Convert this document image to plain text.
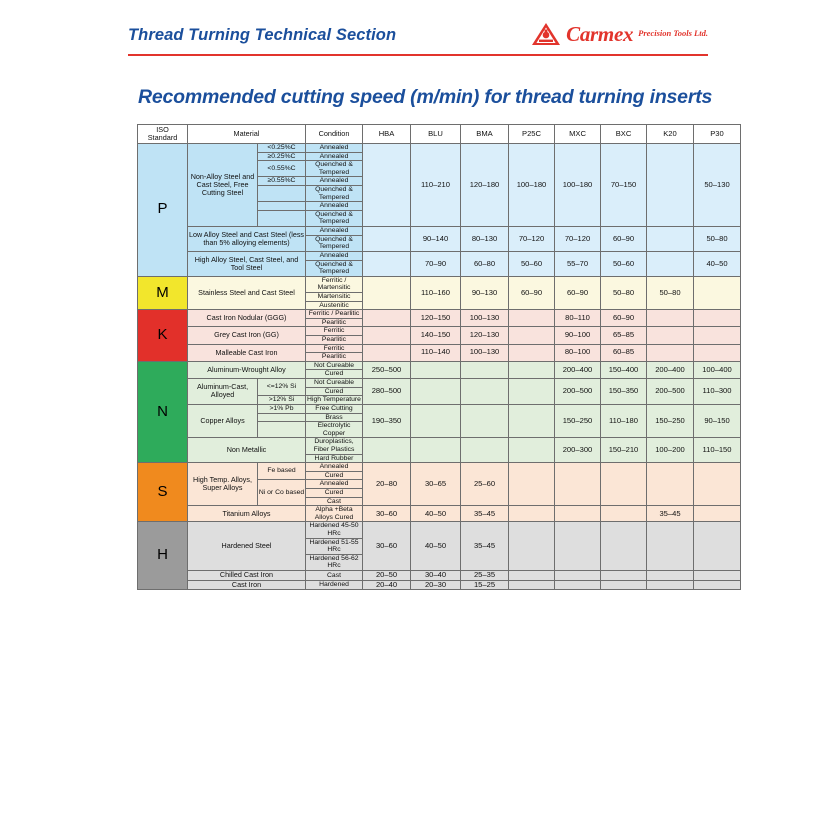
Thread Turning Technical Section	Carmex Precision Tools Ltd.
Recommended cutting speed (m/min) for thread turning inserts
ISO
Standard	Material		Condition	HBA	BLU	BMA	P25C	MXC	BXC	K20	P30
P	Non-Alloy Steel and Cast Steel, Free Cutting Steel	<0.25%C	Annealed		110–210	120–180	100–180	100–180	70–150		50–130
		≥0.25%C	Annealed								
		<0.55%C	Quenched & Tempered								
		≥0.55%C	Annealed								
			Quenched & Tempered								
			Annealed								
			Quenched & Tempered								
	Low Alloy Steel and Cast Steel (less than 5% alloying elements)		Annealed		90–140	80–130	70–120	70–120	60–90		50–80
			Quenched & Tempered								
	High Alloy Steel, Cast Steel, and Tool Steel		Annealed		70–90	60–80	50–60	55–70	50–60		40–50
			Quenched & Tempered								
M	Stainless Steel and Cast Steel		Ferritic / Martensitic		110–160	90–130	60–90	60–90	50–80	50–80	
			Martensitic								
			Austenitic								
K	Cast Iron Nodular (GGG)		Ferritic / Pearlitic		120–150	100–130		80–110	60–90		
			Pearlitic								
	Grey Cast Iron (GG)		Ferritic		140–150	120–130		90–100	65–85		
			Pearlitic								
	Malleable Cast Iron		Ferritic		110–140	100–130		80–100	60–85		
			Pearlitic								
N	Aluminum-Wrought Alloy		Not Cureable	250–500				200–400	150–400	200–400	100–400
			Cured								
	Aluminum-Cast, Alloyed	<=12% Si	Not Cureable	280–500				200–500	150–350	200–500	110–300
			Cured								
		>12% Si	High Temperature								
	Copper Alloys	>1% Pb	Free Cutting	190–350				150–250	110–180	150–250	90–150
			Brass								
			Electrolytic Copper								
	Non Metallic		Duroplastics, Fiber Plastics					200–300	150–210	100–200	110–150
			Hard Rubber								
S	High Temp. Alloys, Super Alloys	Fe based	Annealed	20–80	30–65	25–60					
			Cured								
		Ni or Co based	Annealed								
			Cured								
			Cast								
	Titanium Alloys		Alpha +Beta Alloys Cured	30–60	40–50	35–45				35–45	
H	Hardened Steel		Hardened 45-50 HRc	30–60	40–50	35–45					
			Hardened 51-55 HRc								
			Hardened 56-62 HRc								
	Chilled Cast Iron		Cast	20–50	30–40	25–35					
	Cast Iron		Hardened	20–40	20–30	15–25					
